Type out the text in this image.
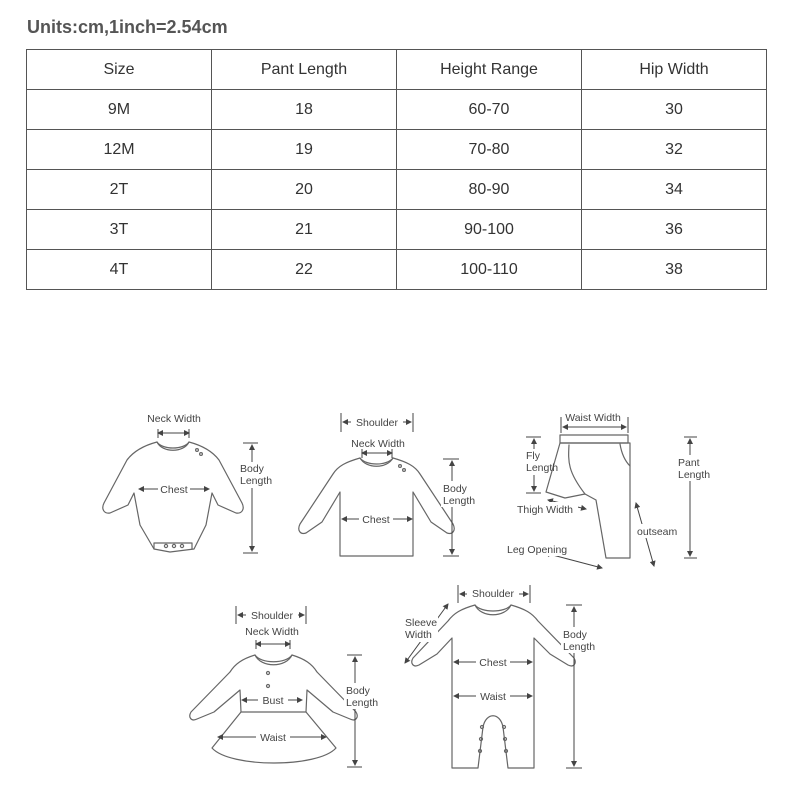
Units:cm,1inch=2.54cm
Size	Pant Length	Height Range	Hip Width
9M	18	60-70	30
12M	19	70-80	32
2T	20	80-90	34
3T	21	90-100	36
4T	22	100-110	38
Neck Width
Body Length
Chest
Shoulder
Neck Width
Body Length
Chest
Waist Width
Fly Length	Pant Length
Thigh Width
outseam
Leg Opening
Shoulder
Neck Width
Body Length
Bust
Waist
Shoulder
Sleeve Width	Body Length
Chest
Waist
